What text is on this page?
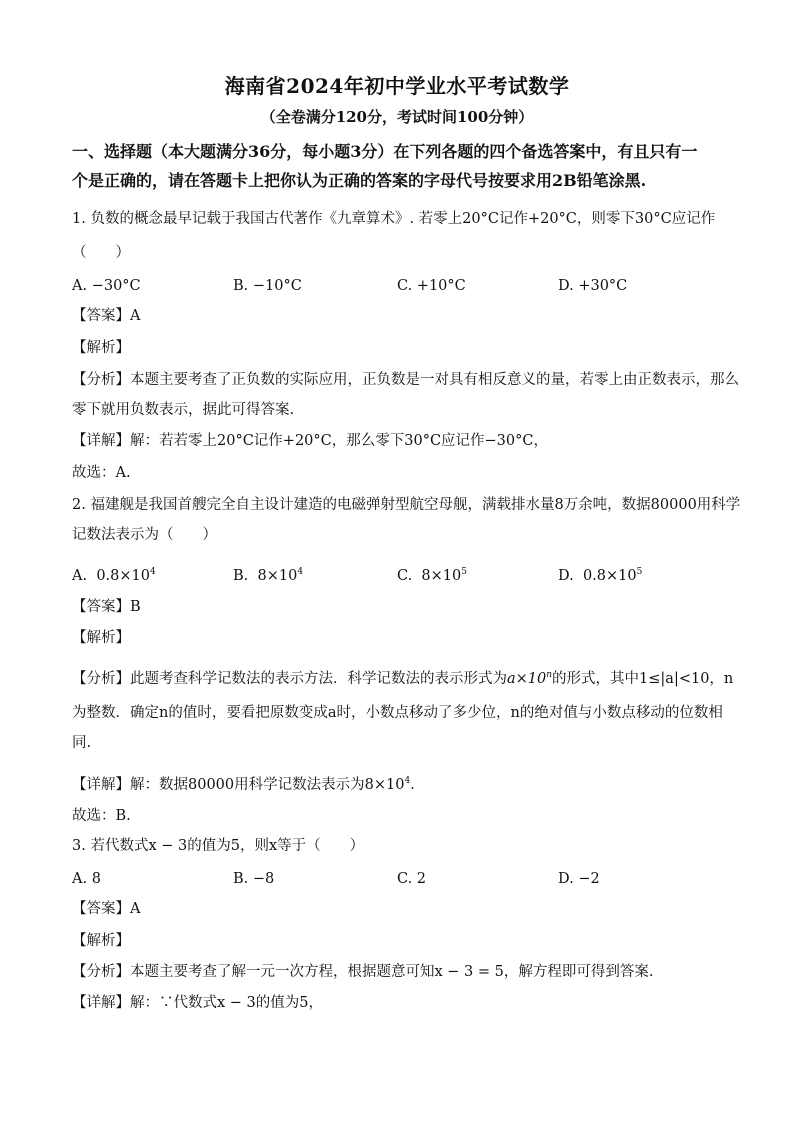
海南省2024年初中学业水平考试数学
（全卷满分120分，考试时间100分钟）
一、选择题（本大题满分36分，每小题3分）在下列各题的四个备选答案中，有且只有一
个是正确的，请在答题卡上把你认为正确的答案的字母代号按要求用2B铅笔涂黑.
1. 负数的概念最早记载于我国古代著作《九章算术》. 若零上20°C记作+20°C，则零下30°C应记作
（　　）
A. −30°C	B. −10°C	C. +10°C	D. +30°C
【答案】A
【解析】
【分析】本题主要考查了正负数的实际应用，正负数是一对具有相反意义的量，若零上由正数表示，那么
零下就用负数表示，据此可得答案.
【详解】解：若若零上20°C记作+20°C，那么零下30°C应记作−30°C，
故选：A.
2. 福建舰是我国首艘完全自主设计建造的电磁弹射型航空母舰，满载排水量8万余吨，数据80000用科学
记数法表示为（　　）
A. $0.8\times 10^4$	B. $8\times 10^4$	C. $8\times 10^5$	D. $0.8\times 10^5$
【答案】B
【解析】
【分析】此题考查科学记数法的表示方法．科学记数法的表示形式为$a\times 10^n$的形式，其中1≤|a|<10，n
为整数．确定n的值时，要看把原数变成a时，小数点移动了多少位，n的绝对值与小数点移动的位数相
同.
【详解】解：数据80000用科学记数法表示为$8\times 10^4$.
故选：B.
3. 若代数式x − 3的值为5，则x等于（　　）
A. 8	B. −8	C. 2	D. −2
【答案】A
【解析】
【分析】本题主要考查了解一元一次方程，根据题意可知x − 3 = 5，解方程即可得到答案.
【详解】解：∵代数式x − 3的值为5，
